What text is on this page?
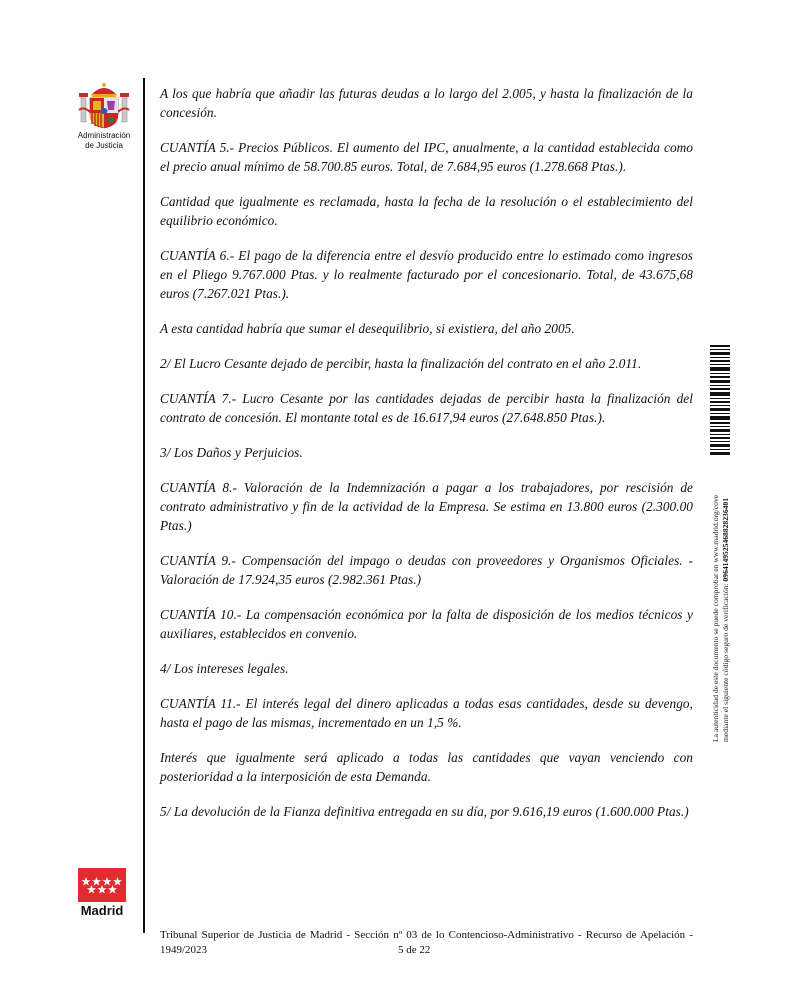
Administración
de Justicia

A los que habría que añadir las futuras deudas a lo largo del 2.005, y hasta la finalización de la concesión.

CUANTÍA 5.- Precios Públicos. El aumento del IPC, anualmente, a la cantidad establecida como el precio anual mínimo de 58.700.85 euros. Total, de 7.684,95 euros (1.278.668 Ptas.).

Cantidad que igualmente es reclamada, hasta la fecha de la resolución o el establecimiento del equilibrio económico.

CUANTÍA 6.- El pago de la diferencia entre el desvío producido entre lo estimado como ingresos en el Pliego 9.767.000 Ptas. y lo realmente facturado por el concesionario. Total, de 43.675,68 euros (7.267.021 Ptas.).

A esta cantidad habría que sumar el desequilibrio, si existiera, del año 2005.

2/ El Lucro Cesante dejado de percibir, hasta la finalización del contrato en el año 2.011.

CUANTÍA 7.- Lucro Cesante por las cantidades dejadas de percibir hasta la finalización del contrato de concesión. El montante total es de 16.617,94 euros (27.648.850 Ptas.).

3/ Los Daños y Perjuicios.

CUANTÍA 8.- Valoración de la Indemnización a pagar a los trabajadores, por rescisión de contrato administrativo y fin de la actividad de la Empresa. Se estima en 13.800 euros (2.300.00 Ptas.)

CUANTÍA 9.- Compensación del impago o deudas con proveedores y Organismos Oficiales. - Valoración de 17.924,35 euros (2.982.361 Ptas.)

CUANTÍA 10.- La compensación económica por la falta de disposición de los medios técnicos y auxiliares, establecidos en convenio.

4/ Los intereses legales.

CUANTÍA 11.- El interés legal del dinero aplicadas a todas esas cantidades, desde su devengo, hasta el pago de las mismas, incrementado en un 1,5 %.

Interés que igualmente será aplicado a todas las cantidades que vayan venciendo con posterioridad a la interposición de esta Demanda.

5/ La devolución de la Fianza definitiva entregada en su día, por 9.616,19 euros (1.600.000 Ptas.)

Madrid
Tribunal Superior de Justicia de Madrid - Sección nº 03 de lo Contencioso-Administrativo - Recurso de Apelación -
1949/2023	5 de 22
La autenticidad de este documento se puede comprobar en www.madrid.org/cove mediante el siguiente código seguro de verificación: 0964149525468828236401
